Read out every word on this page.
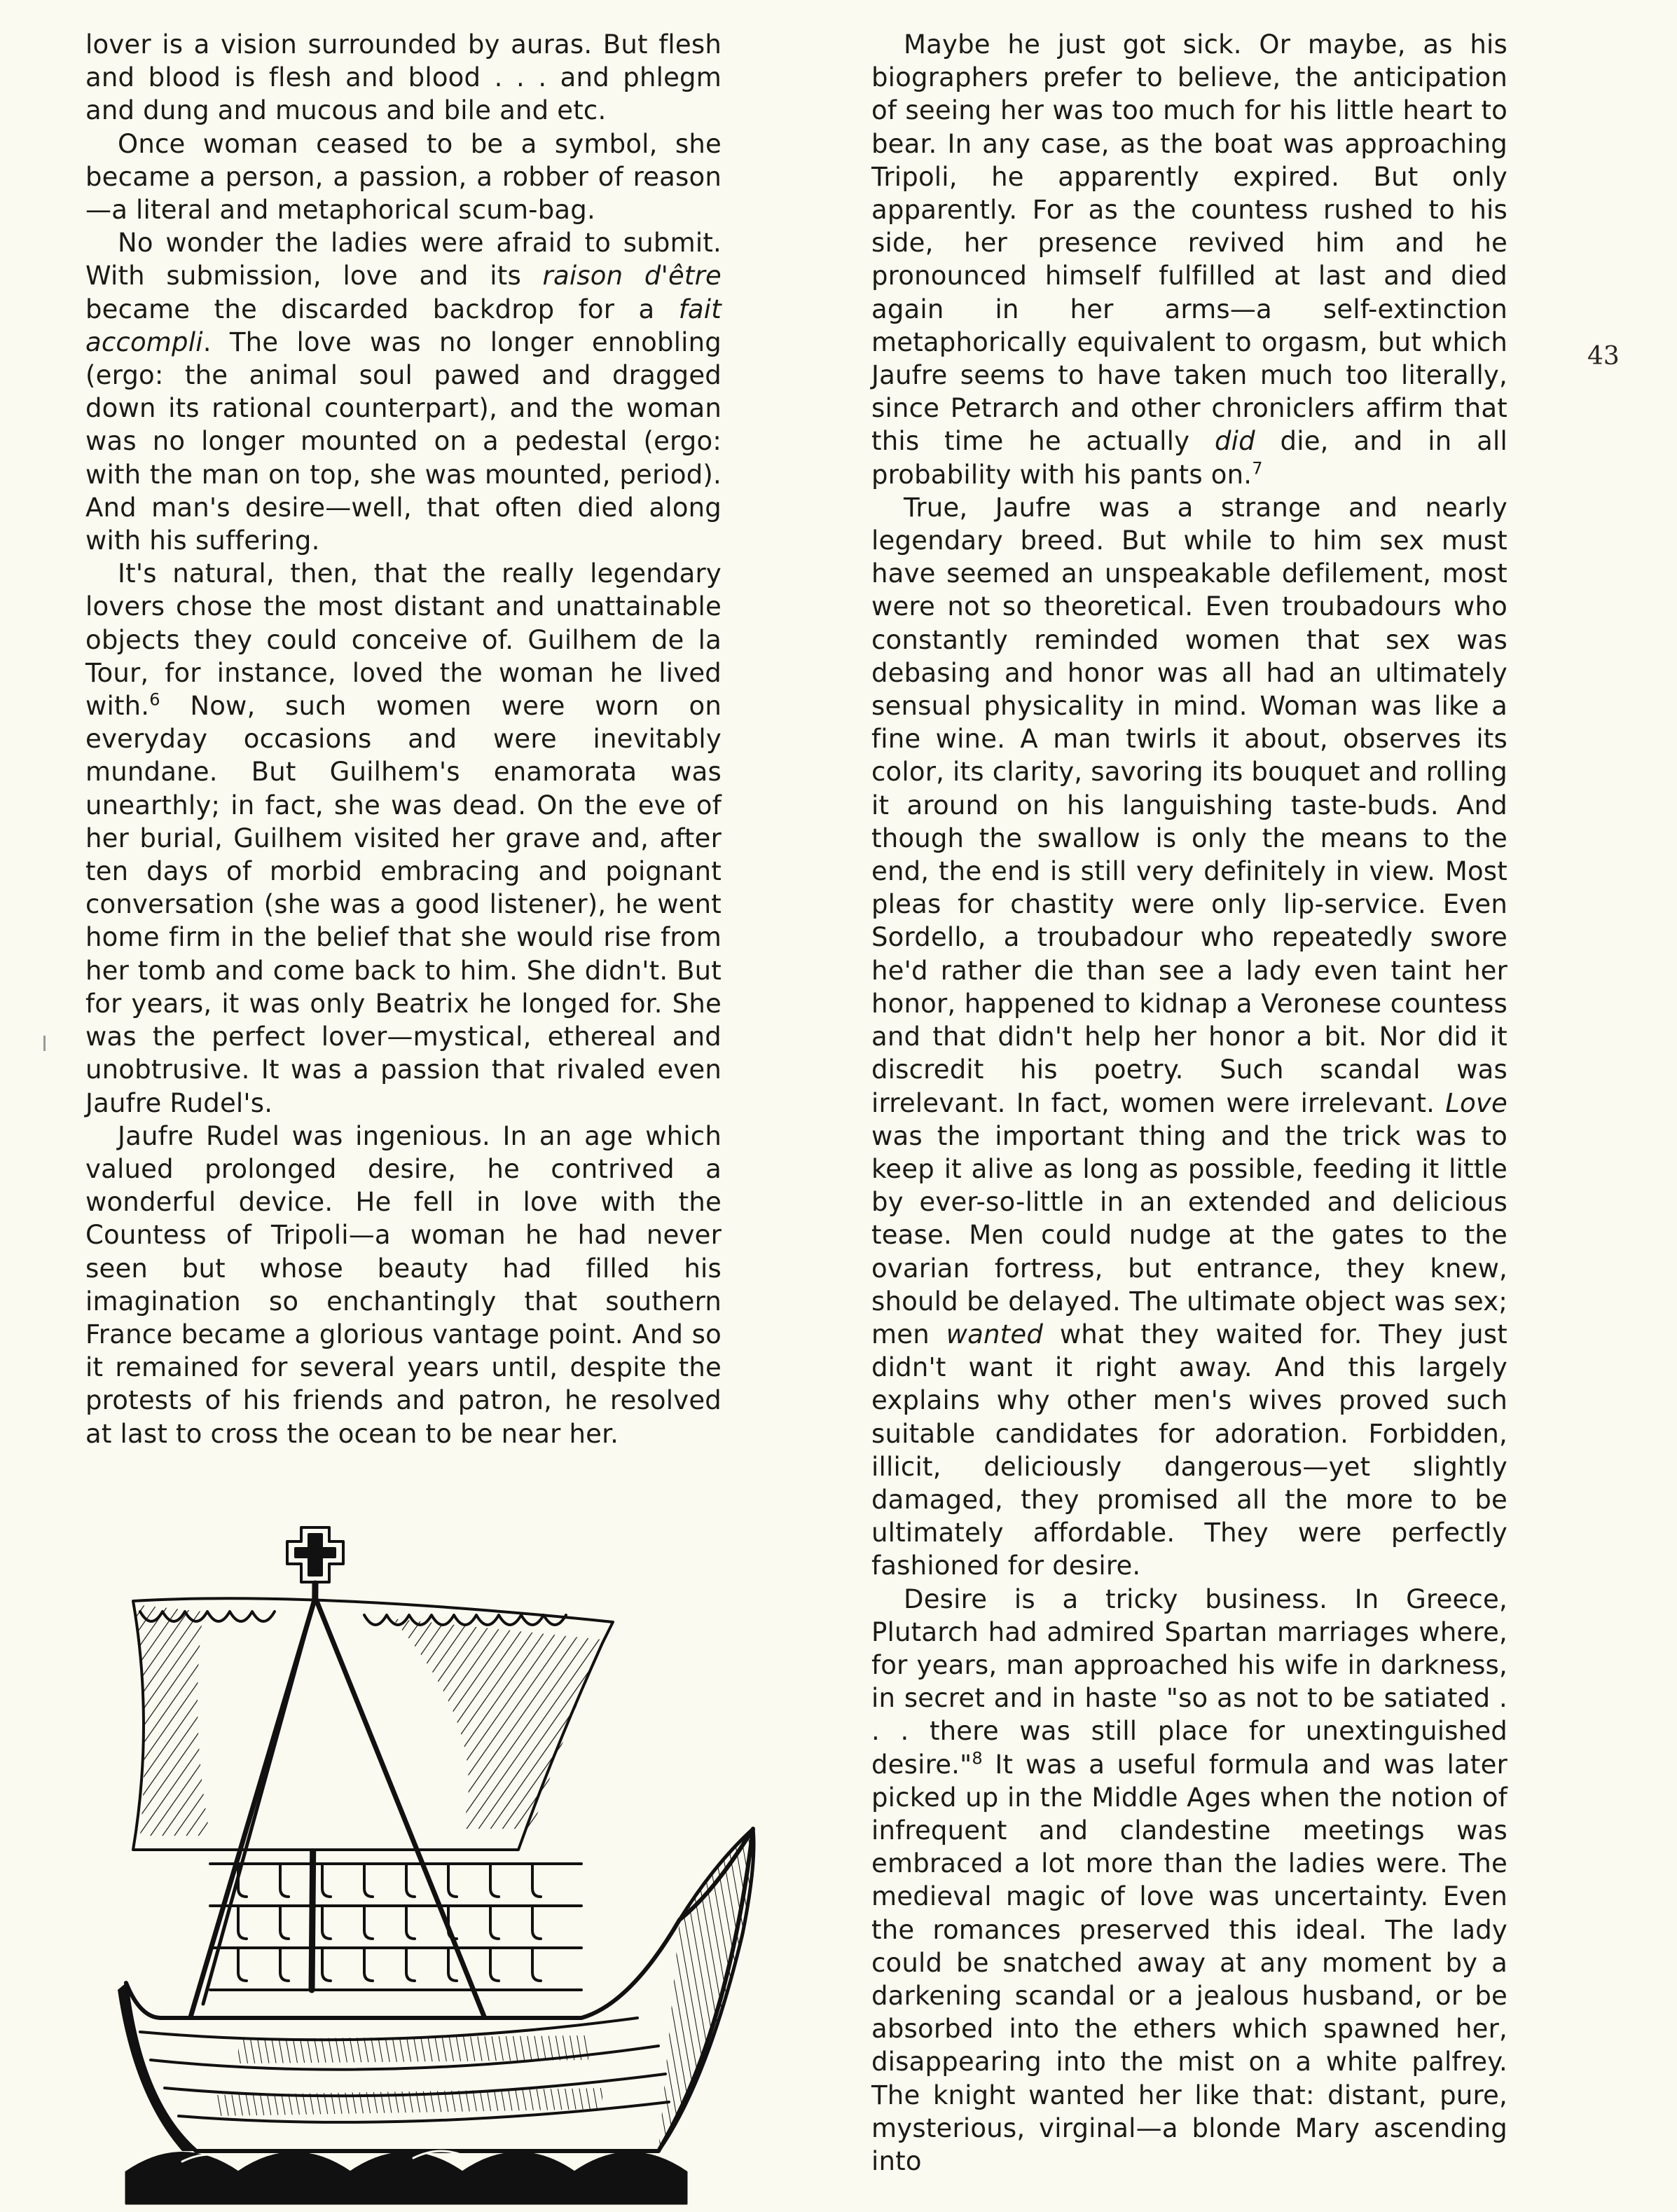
lover is a vision surrounded by auras. But flesh and blood is flesh and blood . . . and phlegm and dung and mucous and bile and etc.

Once woman ceased to be a symbol, she became a person, a passion, a robber of reason —a literal and metaphorical scum-bag.

No wonder the ladies were afraid to submit. With submission, love and its raison d'être became the discarded backdrop for a fait accompli. The love was no longer ennobling (ergo: the animal soul pawed and dragged down its rational counterpart), and the woman was no longer mounted on a pedestal (ergo: with the man on top, she was mounted, period). And man's desire—well, that often died along with his suffering.

It's natural, then, that the really legendary lovers chose the most distant and unattainable objects they could conceive of. Guilhem de la Tour, for instance, loved the woman he lived with.$^6$ Now, such women were worn on everyday occasions and were inevitably mundane. But Guilhem's enamorata was unearthly; in fact, she was dead. On the eve of her burial, Guilhem visited her grave and, after ten days of morbid embracing and poignant conversation (she was a good listener), he went home firm in the belief that she would rise from her tomb and come back to him. She didn't. But for years, it was only Beatrix he longed for. She was the perfect lover—mystical, ethereal and unobtrusive. It was a passion that rivaled even Jaufre Rudel's.

Jaufre Rudel was ingenious. In an age which valued prolonged desire, he contrived a wonderful device. He fell in love with the Countess of Tripoli—a woman he had never seen but whose beauty had filled his imagination so enchantingly that southern France became a glorious vantage point. And so it remained for several years until, despite the protests of his friends and patron, he resolved at last to cross the ocean to be near her.

Maybe he just got sick. Or maybe, as his biographers prefer to believe, the anticipation of seeing her was too much for his little heart to bear. In any case, as the boat was approaching Tripoli, he apparently expired. But only apparently. For as the countess rushed to his side, her presence revived him and he pronounced himself fulfilled at last and died again in her arms—a self-extinction metaphorically equivalent to orgasm, but which Jaufre seems to have taken much too literally, since Petrarch and other chroniclers affirm that this time he actually did die, and in all probability with his pants on.$^7$

True, Jaufre was a strange and nearly legendary breed. But while to him sex must have seemed an unspeakable defilement, most were not so theoretical. Even troubadours who constantly reminded women that sex was debasing and honor was all had an ultimately sensual physicality in mind. Woman was like a fine wine. A man twirls it about, observes its color, its clarity, savoring its bouquet and rolling it around on his languishing taste-buds. And though the swallow is only the means to the end, the end is still very definitely in view. Most pleas for chastity were only lip-service. Even Sordello, a troubadour who repeatedly swore he'd rather die than see a lady even taint her honor, happened to kidnap a Veronese countess and that didn't help her honor a bit. Nor did it discredit his poetry. Such scandal was irrelevant. In fact, women were irrelevant. Love was the important thing and the trick was to keep it alive as long as possible, feeding it little by ever-so-little in an extended and delicious tease. Men could nudge at the gates to the ovarian fortress, but entrance, they knew, should be delayed. The ultimate object was sex; men wanted what they waited for. They just didn't want it right away. And this largely explains why other men's wives proved such suitable candidates for adoration. Forbidden, illicit, deliciously dangerous—yet slightly damaged, they promised all the more to be ultimately affordable. They were perfectly fashioned for desire.

Desire is a tricky business. In Greece, Plutarch had admired Spartan marriages where, for years, man approached his wife in darkness, in secret and in haste "so as not to be satiated . . . there was still place for unextinguished desire."$^8$ It was a useful formula and was later picked up in the Middle Ages when the notion of infrequent and clandestine meetings was embraced a lot more than the ladies were. The medieval magic of love was uncertainty. Even the romances preserved this ideal. The lady could be snatched away at any moment by a darkening scandal or a jealous husband, or be absorbed into the ethers which spawned her, disappearing into the mist on a white palfrey. The knight wanted her like that: distant, pure, mysterious, virginal—a blonde Mary ascending into

43
